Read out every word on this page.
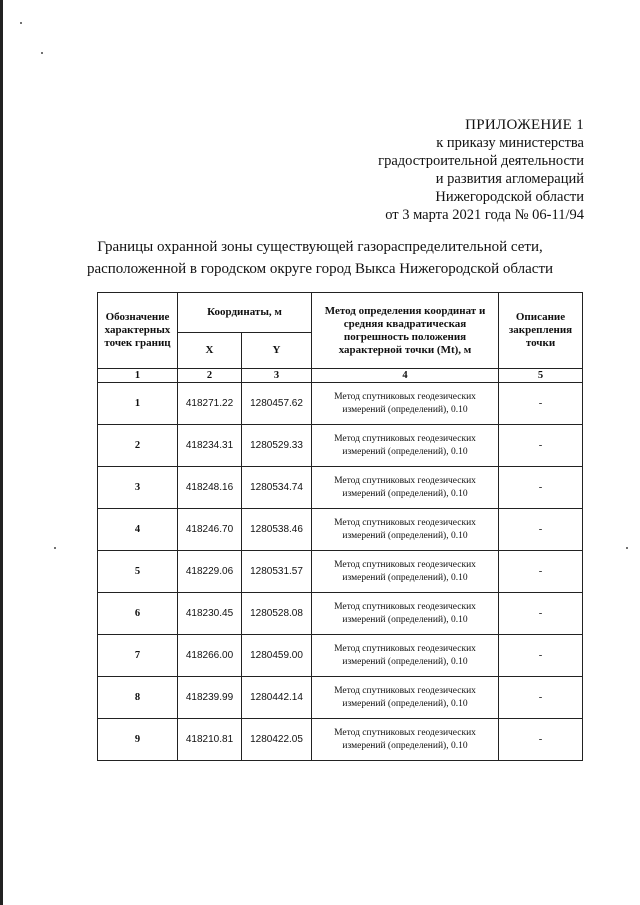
ПРИЛОЖЕНИЕ 1
к приказу министерства
градостроительной деятельности
и развития агломераций
Нижегородской области
от 3 марта 2021 года № 06-11/94
Границы охранной зоны существующей газораспределительной сети,
расположенной в городском округе город Выкса Нижегородской области
Обозначение характерных точек границ	Координаты, м		Метод определения координат и средняя квадратическая погрешность положения характерной точки (Mt), м	Описание закрепления точки
	X	Y		
1	2	3	4	5
1	418271.22	1280457.62	Метод спутниковых геодезических измерений (определений), 0.10	-
2	418234.31	1280529.33	Метод спутниковых геодезических измерений (определений), 0.10	-
3	418248.16	1280534.74	Метод спутниковых геодезических измерений (определений), 0.10	-
4	418246.70	1280538.46	Метод спутниковых геодезических измерений (определений), 0.10	-
5	418229.06	1280531.57	Метод спутниковых геодезических измерений (определений), 0.10	-
6	418230.45	1280528.08	Метод спутниковых геодезических измерений (определений), 0.10	-
7	418266.00	1280459.00	Метод спутниковых геодезических измерений (определений), 0.10	-
8	418239.99	1280442.14	Метод спутниковых геодезических измерений (определений), 0.10	-
9	418210.81	1280422.05	Метод спутниковых геодезических измерений (определений), 0.10	-
